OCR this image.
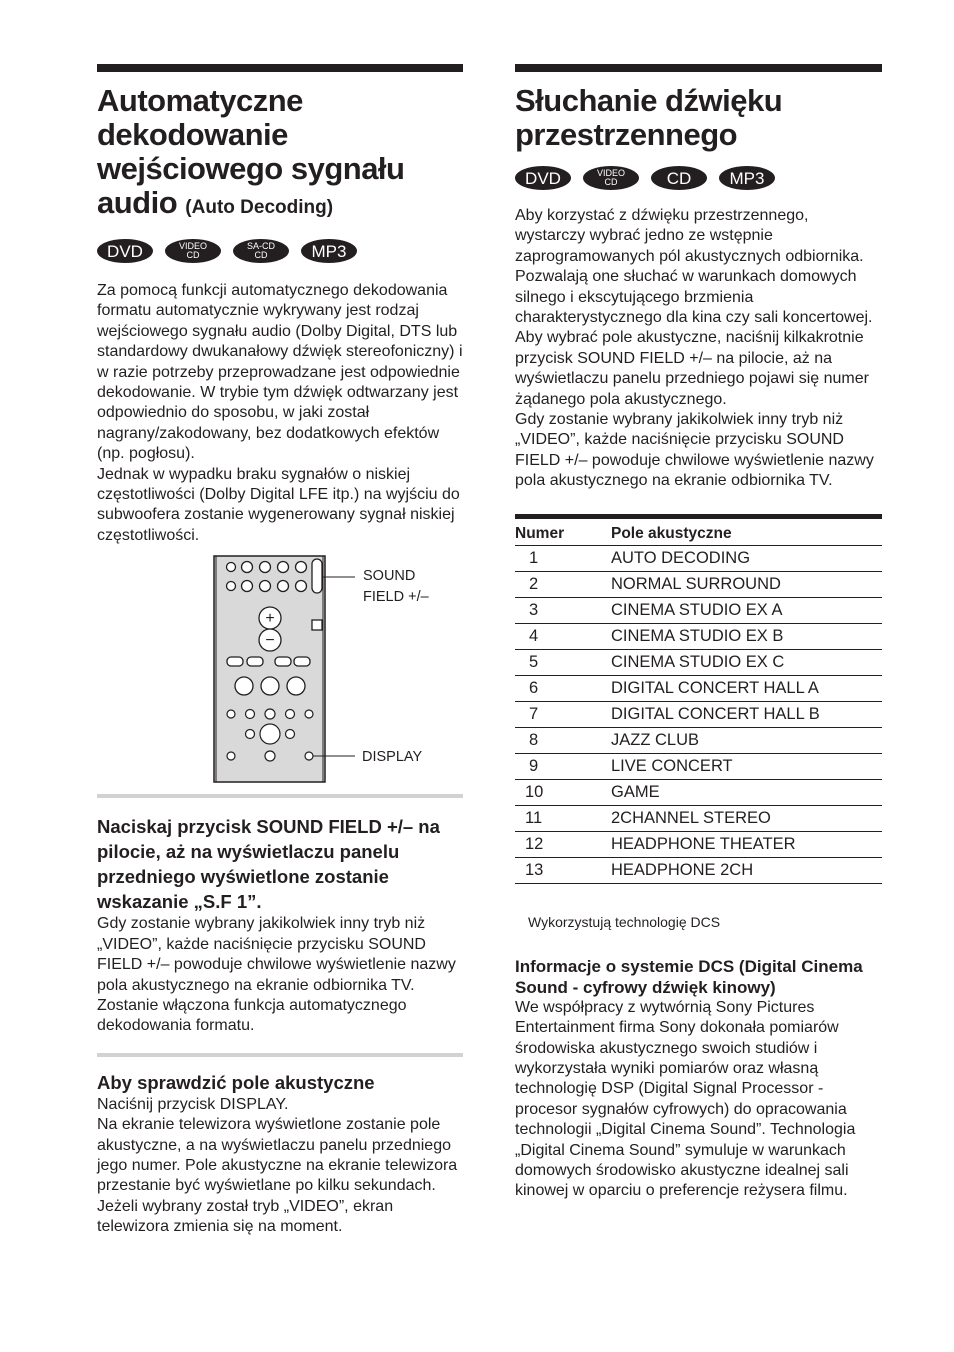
Automatyczne dekodowanie wejściowego sygnału audio (Auto Decoding)
DVD	VIDEO
CD
SA-CD
CD	MP3

Za pomocą funkcji automatycznego dekodowania formatu automatycznie wykrywany jest rodzaj wejściowego sygnału audio (Dolby Digital, DTS lub standardowy dwukanałowy dźwięk stereofoniczny) i w razie potrzeby przeprowadzane jest odpowiednie dekodowanie. W trybie tym dźwięk odtwarzany jest odpowiednio do sposobu, w jaki został nagrany/zakodowany, bez dodatkowych efektów (np. pogłosu).
Jednak w wypadku braku sygnałów o niskiej częstotliwości (Dolby Digital LFE itp.) na wyjściu do subwoofera zostanie wygenerowany sygnał niskiej częstotliwości.

+
−
SOUND
FIELD +/–
DISPLAY
Naciskaj przycisk SOUND FIELD +/– na pilocie, aż na wyświetlaczu panelu przedniego wyświetlone zostanie wskazanie „S.F 1”.

Gdy zostanie wybrany jakikolwiek inny tryb niż „VIDEO”, każde naciśnięcie przycisku SOUND FIELD +/– powoduje chwilowe wyświetlenie nazwy pola akustycznego na ekranie odbiornika TV.
Zostanie włączona funkcja automatycznego dekodowania formatu.

Aby sprawdzić pole akustyczne

Naciśnij przycisk DISPLAY.
Na ekranie telewizora wyświetlone zostanie pole akustyczne, a na wyświetlaczu panelu przedniego jego numer. Pole akustyczne na ekranie telewizora przestanie być wyświetlane po kilku sekundach.
Jeżeli wybrany został tryb „VIDEO”, ekran telewizora zmienia się na moment.

Słuchanie dźwięku przestrzennego
DVD	VIDEO
CD	CD MP3

Aby korzystać z dźwięku przestrzennego, wystarczy wybrać jedno ze wstępnie zaprogramowanych pól akustycznych odbiornika. Pozwalają one słuchać w warunkach domowych silnego i ekscytującego brzmienia charakterystycznego dla kina czy sali koncertowej.
Aby wybrać pole akustyczne, naciśnij kilkakrotnie przycisk SOUND FIELD +/– na pilocie, aż na wyświetlaczu panelu przedniego pojawi się numer żądanego pola akustycznego.
Gdy zostanie wybrany jakikolwiek inny tryb niż „VIDEO”, każde naciśnięcie przycisku SOUND FIELD +/– powoduje chwilowe wyświetlenie nazwy pola akustycznego na ekranie odbiornika TV.

Numer	Pole akustyczne
1	AUTO DECODING
2	NORMAL SURROUND
3	CINEMA STUDIO EX A
4	CINEMA STUDIO EX B
5	CINEMA STUDIO EX C
6	DIGITAL CONCERT HALL A
7	DIGITAL CONCERT HALL B
8	JAZZ CLUB
9	LIVE CONCERT
10	GAME
11	2CHANNEL STEREO
12	HEADPHONE THEATER
13	HEADPHONE 2CH
Wykorzystują technologię DCS
Informacje o systemie DCS (Digital Cinema Sound - cyfrowy dźwięk kinowy)

We współpracy z wytwórnią Sony Pictures Entertainment firma Sony dokonała pomiarów środowiska akustycznego swoich studiów i wykorzystała wyniki pomiarów oraz własną technologię DSP (Digital Signal Processor - procesor sygnałów cyfrowych) do opracowania technologii „Digital Cinema Sound”. Technologia „Digital Cinema Sound” symuluje w warunkach domowych środowisko akustyczne idealnej sali kinowej w oparciu o preferencje reżysera filmu.
